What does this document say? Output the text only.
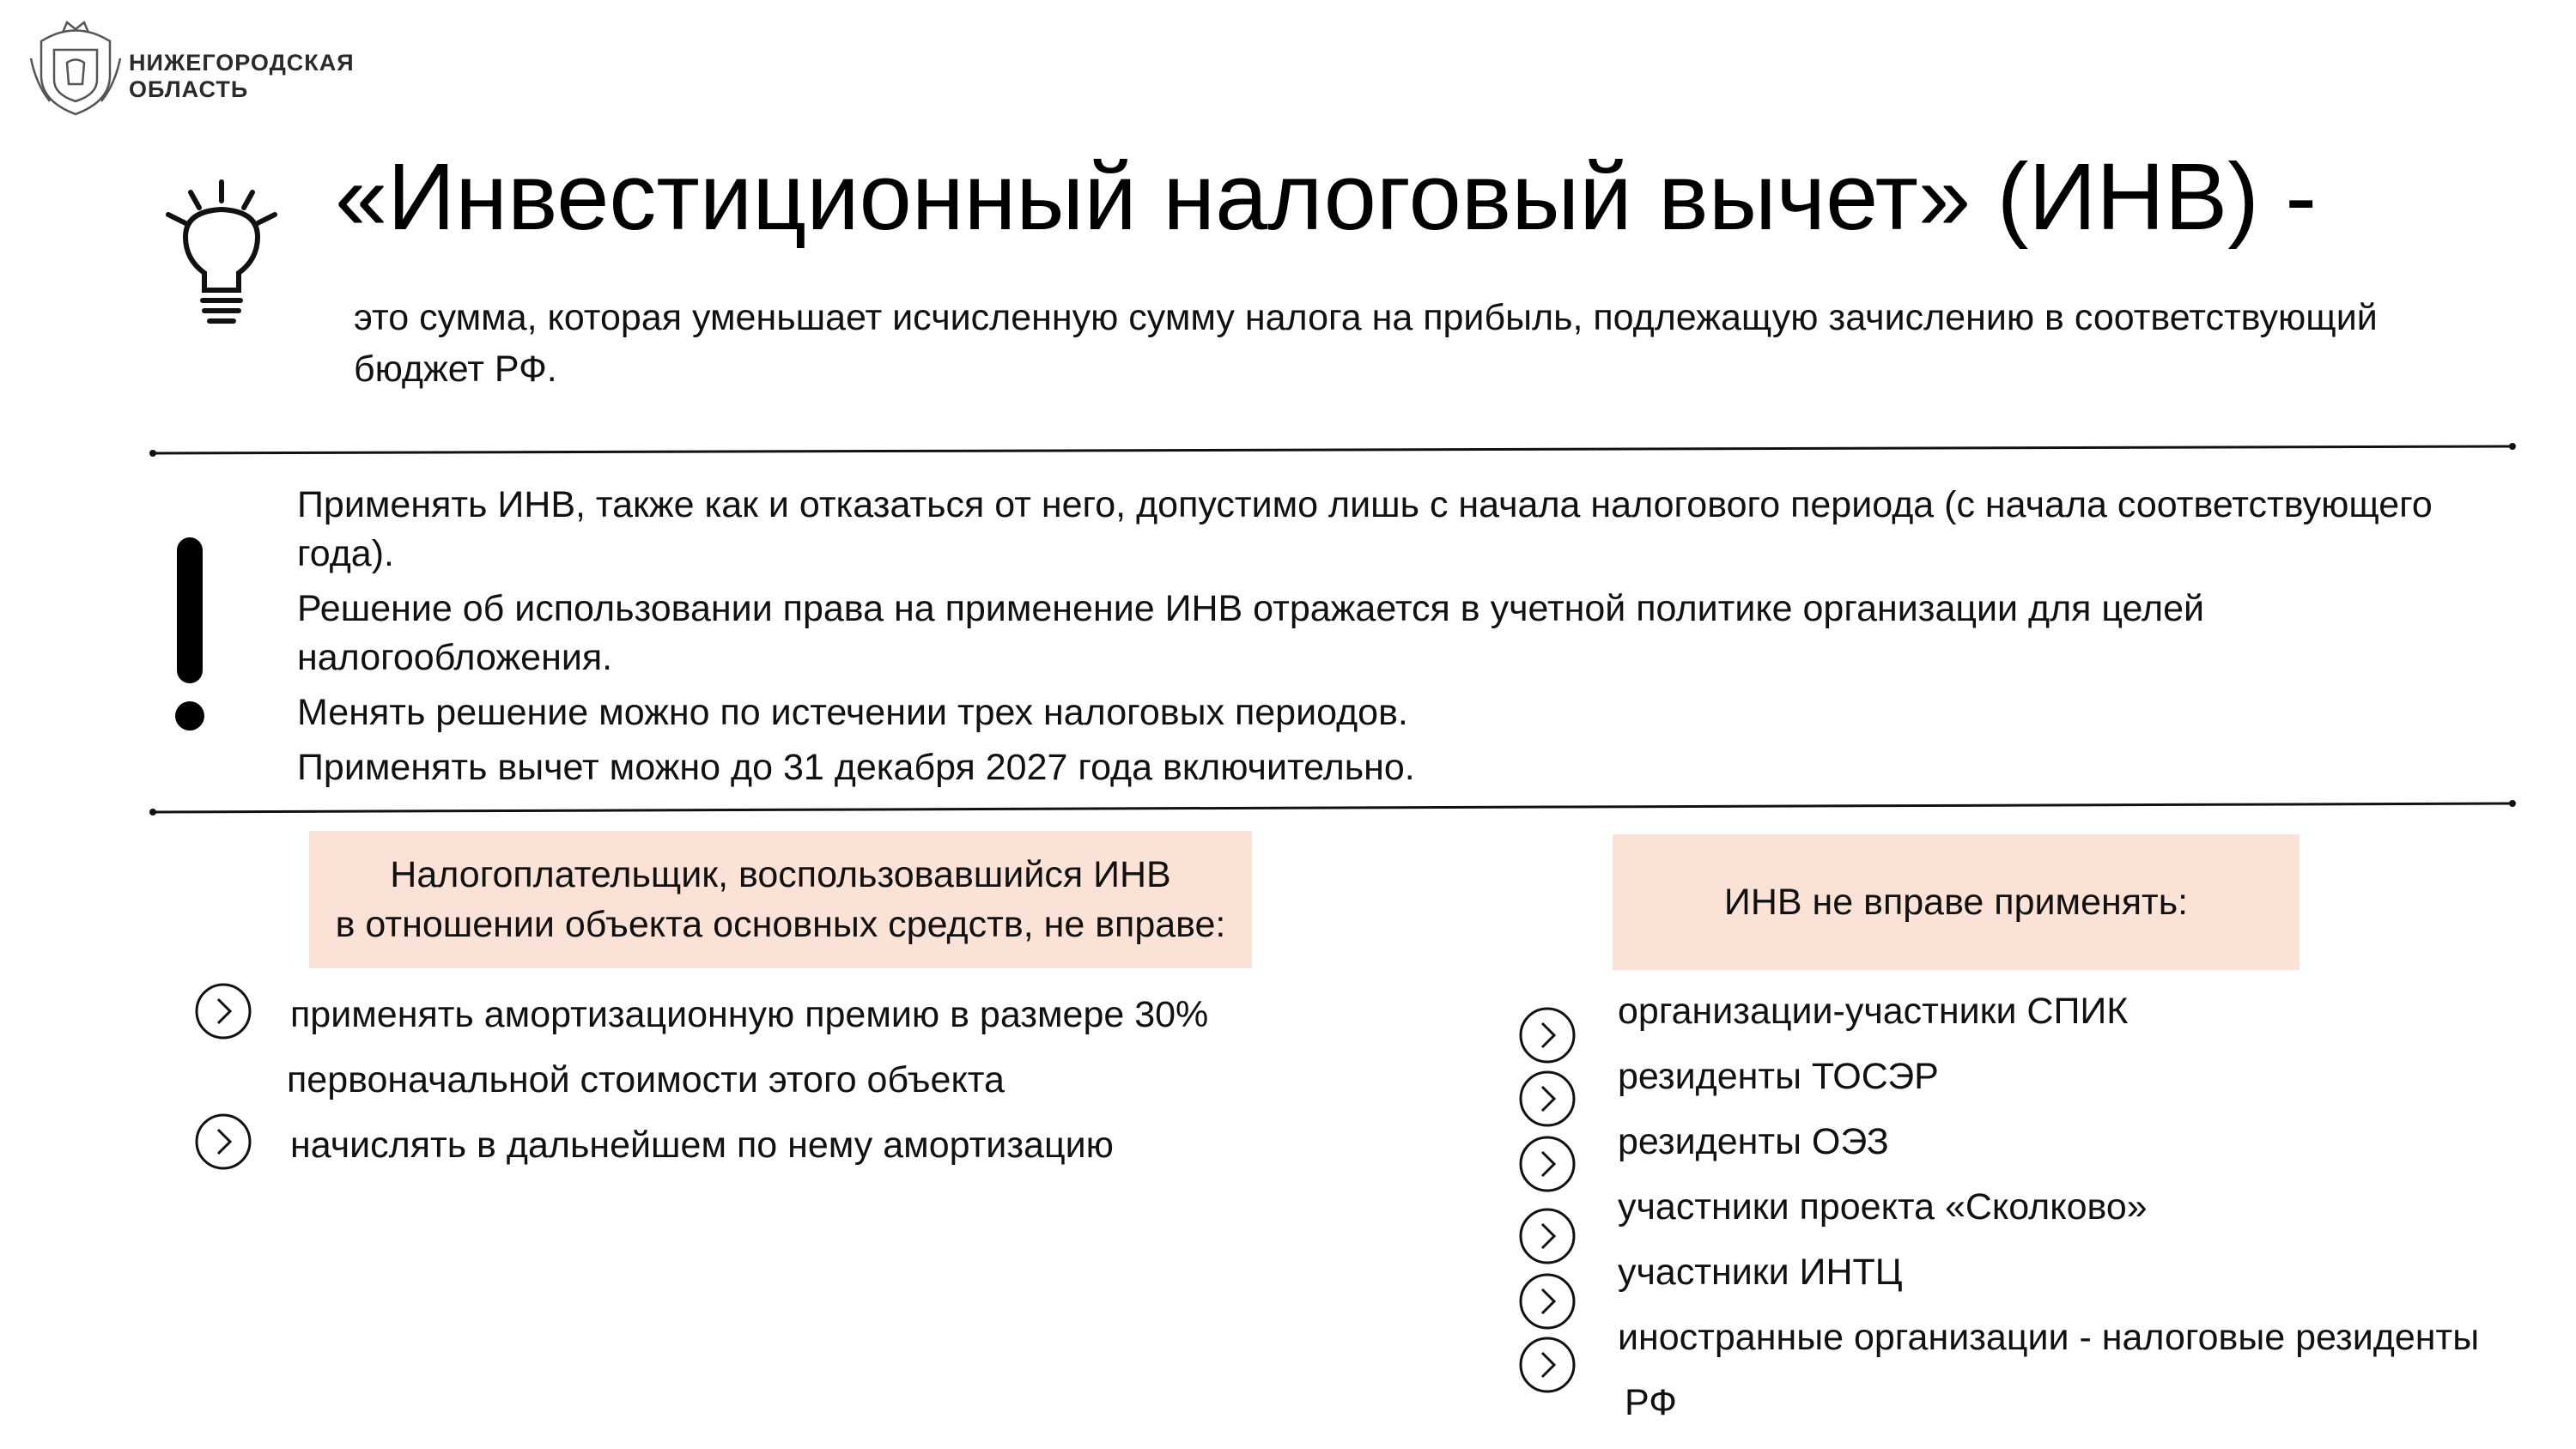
НИЖЕГОРОДСКАЯ
ОБЛАСТЬ
«Инвестиционный налоговый вычет» (ИНВ) -
это сумма, которая уменьшает исчисленную сумму налога на прибыль, подлежащую зачислению в соответствующий бюджет РФ.

Применять ИНВ, также как и отказаться от него, допустимо лишь с начала налогового периода (с начала соответствующего года).

Решение об использовании права на применение ИНВ отражается в учетной политике организации для целей налогообложения.

Менять решение можно по истечении трех налоговых периодов.

Применять вычет можно до 31 декабря 2027 года включительно.

Налогоплательщик, воспользовавшийся ИНВ
в отношении объекта основных средств, не вправе:
применять амортизационную премию в размере 30%
первоначальной стоимости этого объекта
начислять в дальнейшем по нему амортизацию
ИНВ не вправе применять:
организации-участники СПИК
резиденты ТОСЭР
резиденты ОЭЗ
участники проекта «Сколково»
участники ИНТЦ
иностранные организации - налоговые резиденты
РФ
